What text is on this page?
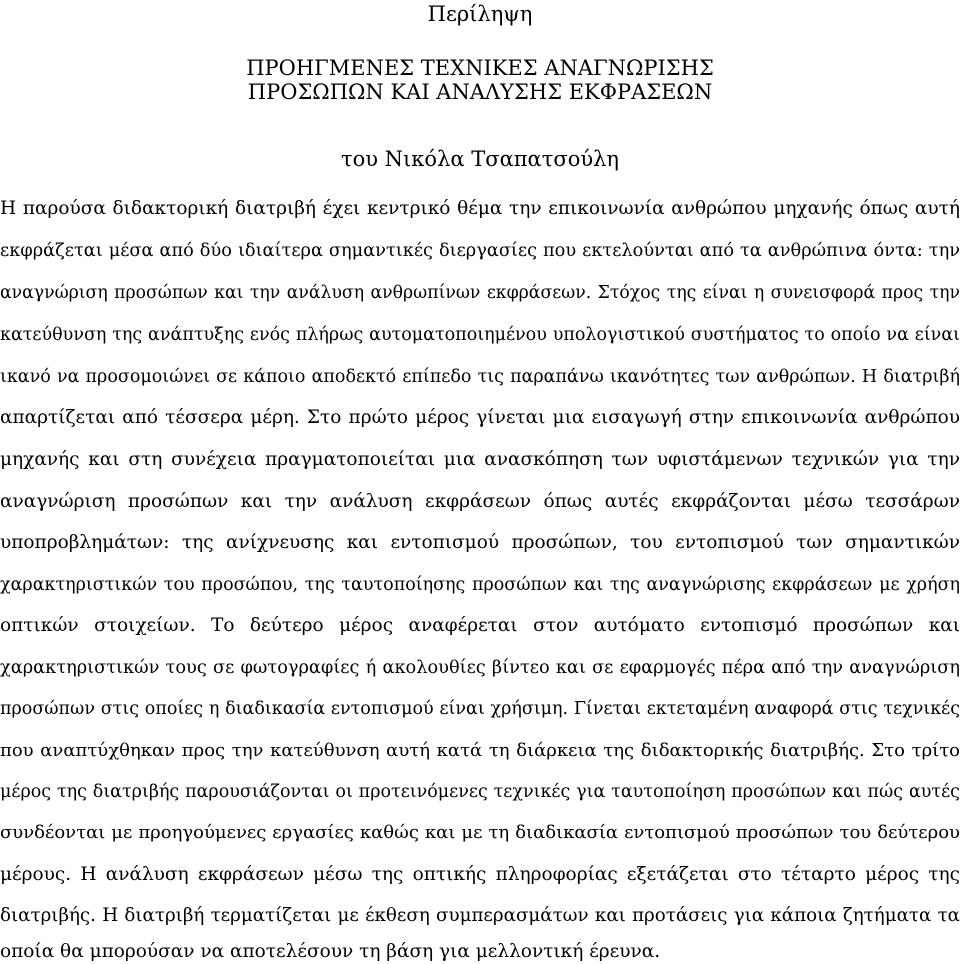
Περίληψη
ΠΡΟΗΓΜΕΝΕΣ ΤΕΧΝΙΚΕΣ ΑΝΑΓΝΩΡΙΣΗΣ
ΠΡΟΣΩΠΩΝ ΚΑΙ ΑΝΑΛΥΣΗΣ ΕΚΦΡΑΣΕΩΝ
του Νικόλα Τσαπατσούλη
Η παρούσα διδακτορική διατριβή έχει κεντρικό θέμα την επικοινωνία ανθρώπου μηχανής όπως αυτή
εκφράζεται μέσα από δύο ιδιαίτερα σημαντικές διεργασίες που εκτελούνται από τα ανθρώπινα όντα: την
αναγνώριση προσώπων και την ανάλυση ανθρωπίνων εκφράσεων. Στόχος της είναι η συνεισφορά προς την
κατεύθυνση της ανάπτυξης ενός πλήρως αυτοματοποιημένου υπολογιστικού συστήματος το οποίο να είναι
ικανό να προσομοιώνει σε κάποιο αποδεκτό επίπεδο τις παραπάνω ικανότητες των ανθρώπων. Η διατριβή
απαρτίζεται από τέσσερα μέρη. Στο πρώτο μέρος γίνεται μια εισαγωγή στην επικοινωνία ανθρώπου
μηχανής και στη συνέχεια πραγματοποιείται μια ανασκόπηση των υφιστάμενων τεχνικών για την
αναγνώριση προσώπων και την ανάλυση εκφράσεων όπως αυτές εκφράζονται μέσω τεσσάρων
υποπροβλημάτων: της ανίχνευσης και εντοπισμού προσώπων, του εντοπισμού των σημαντικών
χαρακτηριστικών του προσώπου, της ταυτοποίησης προσώπων και της αναγνώρισης εκφράσεων με χρήση
οπτικών στοιχείων. Το δεύτερο μέρος αναφέρεται στον αυτόματο εντοπισμό προσώπων και
χαρακτηριστικών τους σε φωτογραφίες ή ακολουθίες βίντεο και σε εφαρμογές πέρα από την αναγνώριση
προσώπων στις οποίες η διαδικασία εντοπισμού είναι χρήσιμη. Γίνεται εκτεταμένη αναφορά στις τεχνικές
που αναπτύχθηκαν προς την κατεύθυνση αυτή κατά τη διάρκεια της διδακτορικής διατριβής. Στο τρίτο
μέρος της διατριβής παρουσιάζονται οι προτεινόμενες τεχνικές για ταυτοποίηση προσώπων και πώς αυτές
συνδέονται με προηγούμενες εργασίες καθώς και με τη διαδικασία εντοπισμού προσώπων του δεύτερου
μέρους. Η ανάλυση εκφράσεων μέσω της οπτικής πληροφορίας εξετάζεται στο τέταρτο μέρος της
διατριβής. Η διατριβή τερματίζεται με έκθεση συμπερασμάτων και προτάσεις για κάποια ζητήματα τα
οποία θα μπορούσαν να αποτελέσουν τη βάση για μελλοντική έρευνα.
